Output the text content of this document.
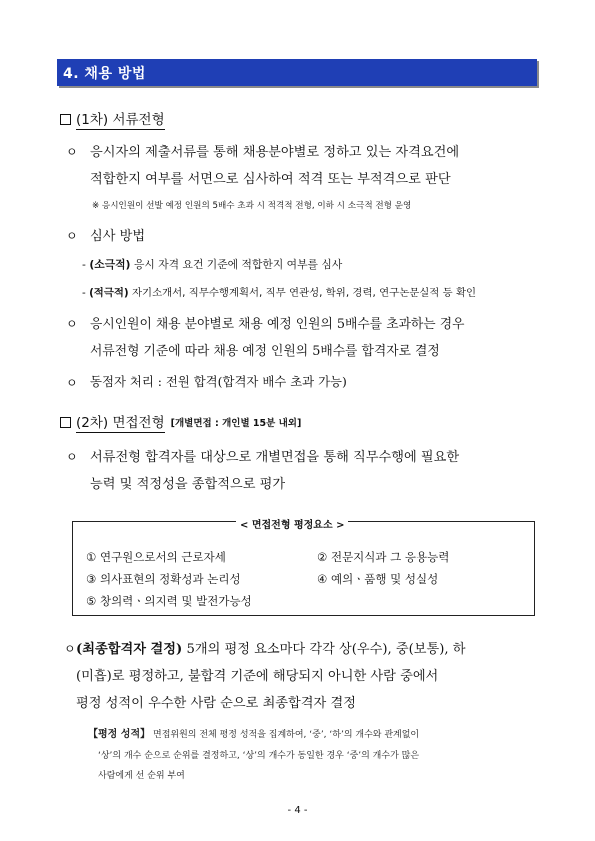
4. 채용 방법
(1차) 서류전형
ㅇ 응시자의 제출서류를 통해 채용분야별로 정하고 있는 자격요건에
적합한지 여부를 서면으로 심사하여 적격 또는 부적격으로 판단
※ 응시인원이 선발 예정 인원의 5배수 초과 시 적격적 전형, 이하 시 소극적 전형 운영
ㅇ 심사 방법
- (소극적) 응시 자격 요건 기준에 적합한지 여부를 심사
- (적극적) 자기소개서, 직무수행계획서, 직무 연관성, 학위, 경력, 연구논문실적 등 확인
ㅇ 응시인원이 채용 분야별로 채용 예정 인원의 5배수를 초과하는 경우
서류전형 기준에 따라 채용 예정 인원의 5배수를 합격자로 결정
ㅇ 동점자 처리 : 전원 합격(합격자 배수 초과 가능)
(2차) 면접전형 [개별면접 : 개인별 15분 내외]
ㅇ 서류전형 합격자를 대상으로 개별면접을 통해 직무수행에 필요한
능력 및 적정성을 종합적으로 평가
< 면접전형 평정요소 >
① 연구원으로서의 근로자세	② 전문지식과 그 응용능력
③ 의사표현의 정확성과 논리성	④ 예의ㆍ품행 및 성실성
⑤ 창의력ㆍ의지력 및 발전가능성
ㅇ (최종합격자 결정) 5개의 평정 요소마다 각각 상(우수), 중(보통), 하
(미흡)로 평정하고, 불합격 기준에 해당되지 아니한 사람 중에서
평정 성적이 우수한 사람 순으로 최종합격자 결정
【평정 성적】 면접위원의 전체 평정 성적을 집계하여, ‘중’, ‘하’의 개수와 관계없이
‘상’의 개수 순으로 순위를 결정하고, ‘상’의 개수가 동일한 경우 ‘중’의 개수가 많은
사람에게 선 순위 부여
- 4 -
